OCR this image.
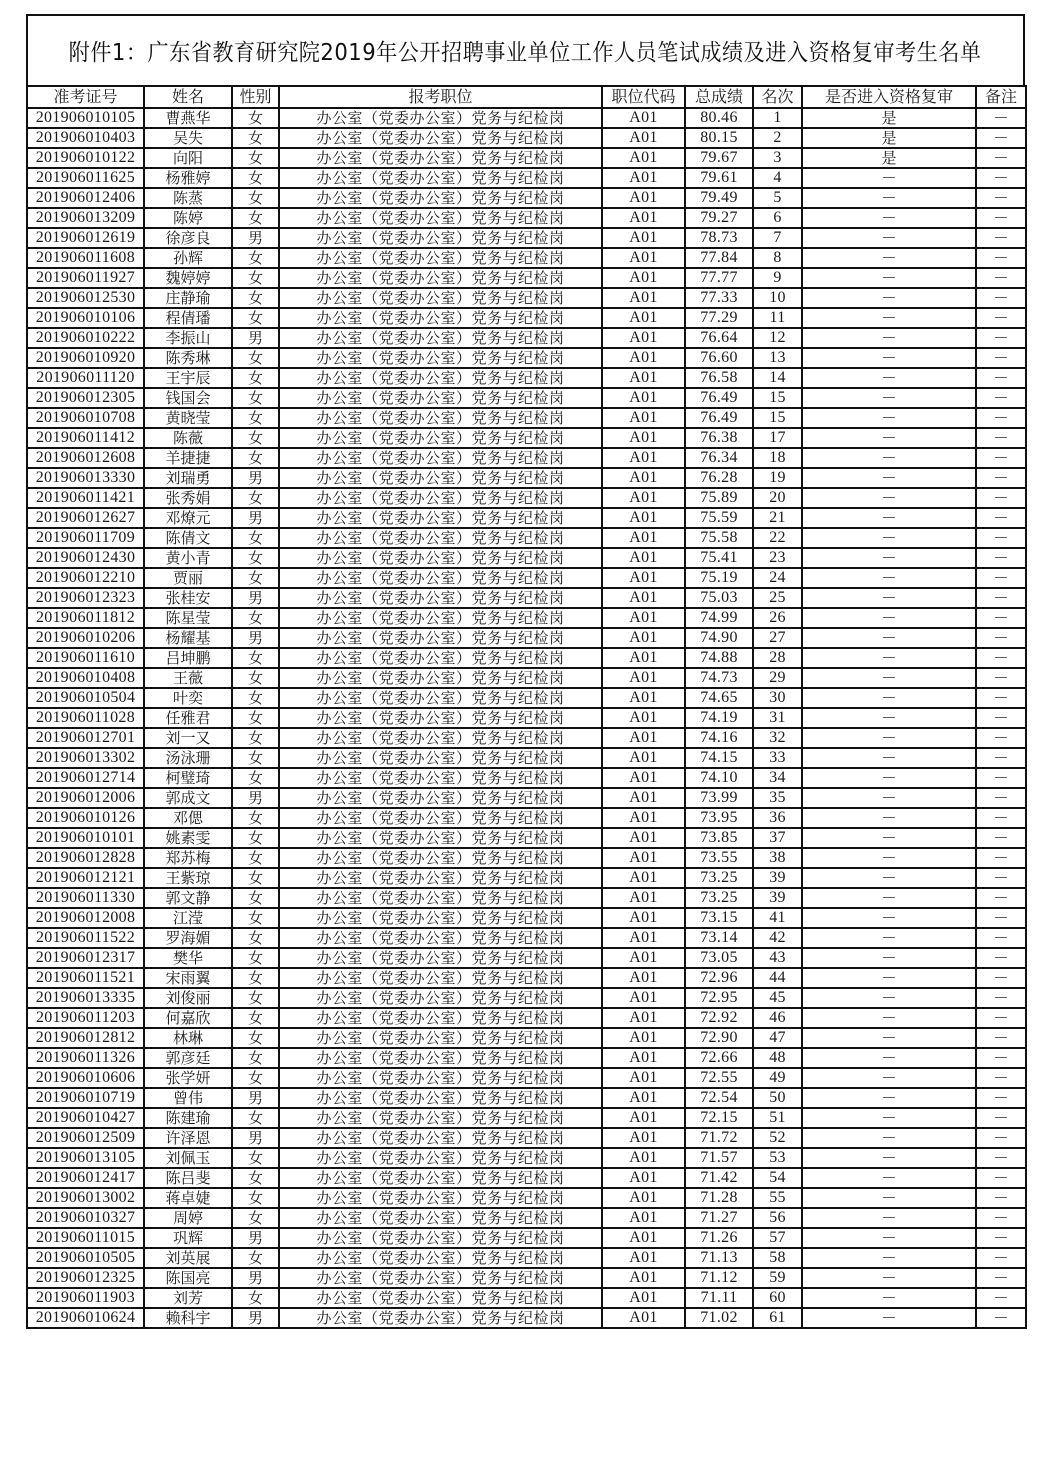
附件1：广东省教育研究院2019年公开招聘事业单位工作人员笔试成绩及进入资格复审考生名单
准考证号	姓名	性别	报考职位	职位代码	总成绩	名次	是否进入资格复审	备注
201906010105	曹燕华	女	办公室（党委办公室）党务与纪检岗	A01	80.46	1	是	—
201906010403	吴失	女	办公室（党委办公室）党务与纪检岗	A01	80.15	2	是	—
201906010122	向阳	女	办公室（党委办公室）党务与纪检岗	A01	79.67	3	是	—
201906011625	杨雅婷	女	办公室（党委办公室）党务与纪检岗	A01	79.61	4	—	—
201906012406	陈蒸	女	办公室（党委办公室）党务与纪检岗	A01	79.49	5	—	—
201906013209	陈婷	女	办公室（党委办公室）党务与纪检岗	A01	79.27	6	—	—
201906012619	徐彦良	男	办公室（党委办公室）党务与纪检岗	A01	78.73	7	—	—
201906011608	孙辉	女	办公室（党委办公室）党务与纪检岗	A01	77.84	8	—	—
201906011927	魏婷婷	女	办公室（党委办公室）党务与纪检岗	A01	77.77	9	—	—
201906012530	庄静瑜	女	办公室（党委办公室）党务与纪检岗	A01	77.33	10	—	—
201906010106	程倩璠	女	办公室（党委办公室）党务与纪检岗	A01	77.29	11	—	—
201906010222	李振山	男	办公室（党委办公室）党务与纪检岗	A01	76.64	12	—	—
201906010920	陈秀琳	女	办公室（党委办公室）党务与纪检岗	A01	76.60	13	—	—
201906011120	王宇辰	女	办公室（党委办公室）党务与纪检岗	A01	76.58	14	—	—
201906012305	钱国会	女	办公室（党委办公室）党务与纪检岗	A01	76.49	15	—	—
201906010708	黄晓莹	女	办公室（党委办公室）党务与纪检岗	A01	76.49	15	—	—
201906011412	陈薇	女	办公室（党委办公室）党务与纪检岗	A01	76.38	17	—	—
201906012608	羊捷捷	女	办公室（党委办公室）党务与纪检岗	A01	76.34	18	—	—
201906013330	刘瑞勇	男	办公室（党委办公室）党务与纪检岗	A01	76.28	19	—	—
201906011421	张秀娟	女	办公室（党委办公室）党务与纪检岗	A01	75.89	20	—	—
201906012627	邓燎元	男	办公室（党委办公室）党务与纪检岗	A01	75.59	21	—	—
201906011709	陈倩文	女	办公室（党委办公室）党务与纪检岗	A01	75.58	22	—	—
201906012430	黄小青	女	办公室（党委办公室）党务与纪检岗	A01	75.41	23	—	—
201906012210	贾丽	女	办公室（党委办公室）党务与纪检岗	A01	75.19	24	—	—
201906012323	张桂安	男	办公室（党委办公室）党务与纪检岗	A01	75.03	25	—	—
201906011812	陈星莹	女	办公室（党委办公室）党务与纪检岗	A01	74.99	26	—	—
201906010206	杨耀基	男	办公室（党委办公室）党务与纪检岗	A01	74.90	27	—	—
201906011610	吕坤鹏	女	办公室（党委办公室）党务与纪检岗	A01	74.88	28	—	—
201906010408	王薇	女	办公室（党委办公室）党务与纪检岗	A01	74.73	29	—	—
201906010504	叶奕	女	办公室（党委办公室）党务与纪检岗	A01	74.65	30	—	—
201906011028	任雅君	女	办公室（党委办公室）党务与纪检岗	A01	74.19	31	—	—
201906012701	刘一又	女	办公室（党委办公室）党务与纪检岗	A01	74.16	32	—	—
201906013302	汤泳珊	女	办公室（党委办公室）党务与纪检岗	A01	74.15	33	—	—
201906012714	柯璧琦	女	办公室（党委办公室）党务与纪检岗	A01	74.10	34	—	—
201906012006	郭成文	男	办公室（党委办公室）党务与纪检岗	A01	73.99	35	—	—
201906010126	邓偲	女	办公室（党委办公室）党务与纪检岗	A01	73.95	36	—	—
201906010101	姚素雯	女	办公室（党委办公室）党务与纪检岗	A01	73.85	37	—	—
201906012828	郑苏梅	女	办公室（党委办公室）党务与纪检岗	A01	73.55	38	—	—
201906012121	王紫琼	女	办公室（党委办公室）党务与纪检岗	A01	73.25	39	—	—
201906011330	郭文静	女	办公室（党委办公室）党务与纪检岗	A01	73.25	39	—	—
201906012008	江滢	女	办公室（党委办公室）党务与纪检岗	A01	73.15	41	—	—
201906011522	罗海媚	女	办公室（党委办公室）党务与纪检岗	A01	73.14	42	—	—
201906012317	樊华	女	办公室（党委办公室）党务与纪检岗	A01	73.05	43	—	—
201906011521	宋雨翼	女	办公室（党委办公室）党务与纪检岗	A01	72.96	44	—	—
201906013335	刘俊丽	女	办公室（党委办公室）党务与纪检岗	A01	72.95	45	—	—
201906011203	何嘉欣	女	办公室（党委办公室）党务与纪检岗	A01	72.92	46	—	—
201906012812	林琳	女	办公室（党委办公室）党务与纪检岗	A01	72.90	47	—	—
201906011326	郭彦廷	女	办公室（党委办公室）党务与纪检岗	A01	72.66	48	—	—
201906010606	张学妍	女	办公室（党委办公室）党务与纪检岗	A01	72.55	49	—	—
201906010719	曾伟	男	办公室（党委办公室）党务与纪检岗	A01	72.54	50	—	—
201906010427	陈建瑜	女	办公室（党委办公室）党务与纪检岗	A01	72.15	51	—	—
201906012509	许泽恩	男	办公室（党委办公室）党务与纪检岗	A01	71.72	52	—	—
201906013105	刘佩玉	女	办公室（党委办公室）党务与纪检岗	A01	71.57	53	—	—
201906012417	陈吕斐	女	办公室（党委办公室）党务与纪检岗	A01	71.42	54	—	—
201906013002	蒋卓婕	女	办公室（党委办公室）党务与纪检岗	A01	71.28	55	—	—
201906010327	周婷	女	办公室（党委办公室）党务与纪检岗	A01	71.27	56	—	—
201906011015	巩辉	男	办公室（党委办公室）党务与纪检岗	A01	71.26	57	—	—
201906010505	刘英展	女	办公室（党委办公室）党务与纪检岗	A01	71.13	58	—	—
201906012325	陈国亮	男	办公室（党委办公室）党务与纪检岗	A01	71.12	59	—	—
201906011903	刘芳	女	办公室（党委办公室）党务与纪检岗	A01	71.11	60	—	—
201906010624	赖科宇	男	办公室（党委办公室）党务与纪检岗	A01	71.02	61	—	—
